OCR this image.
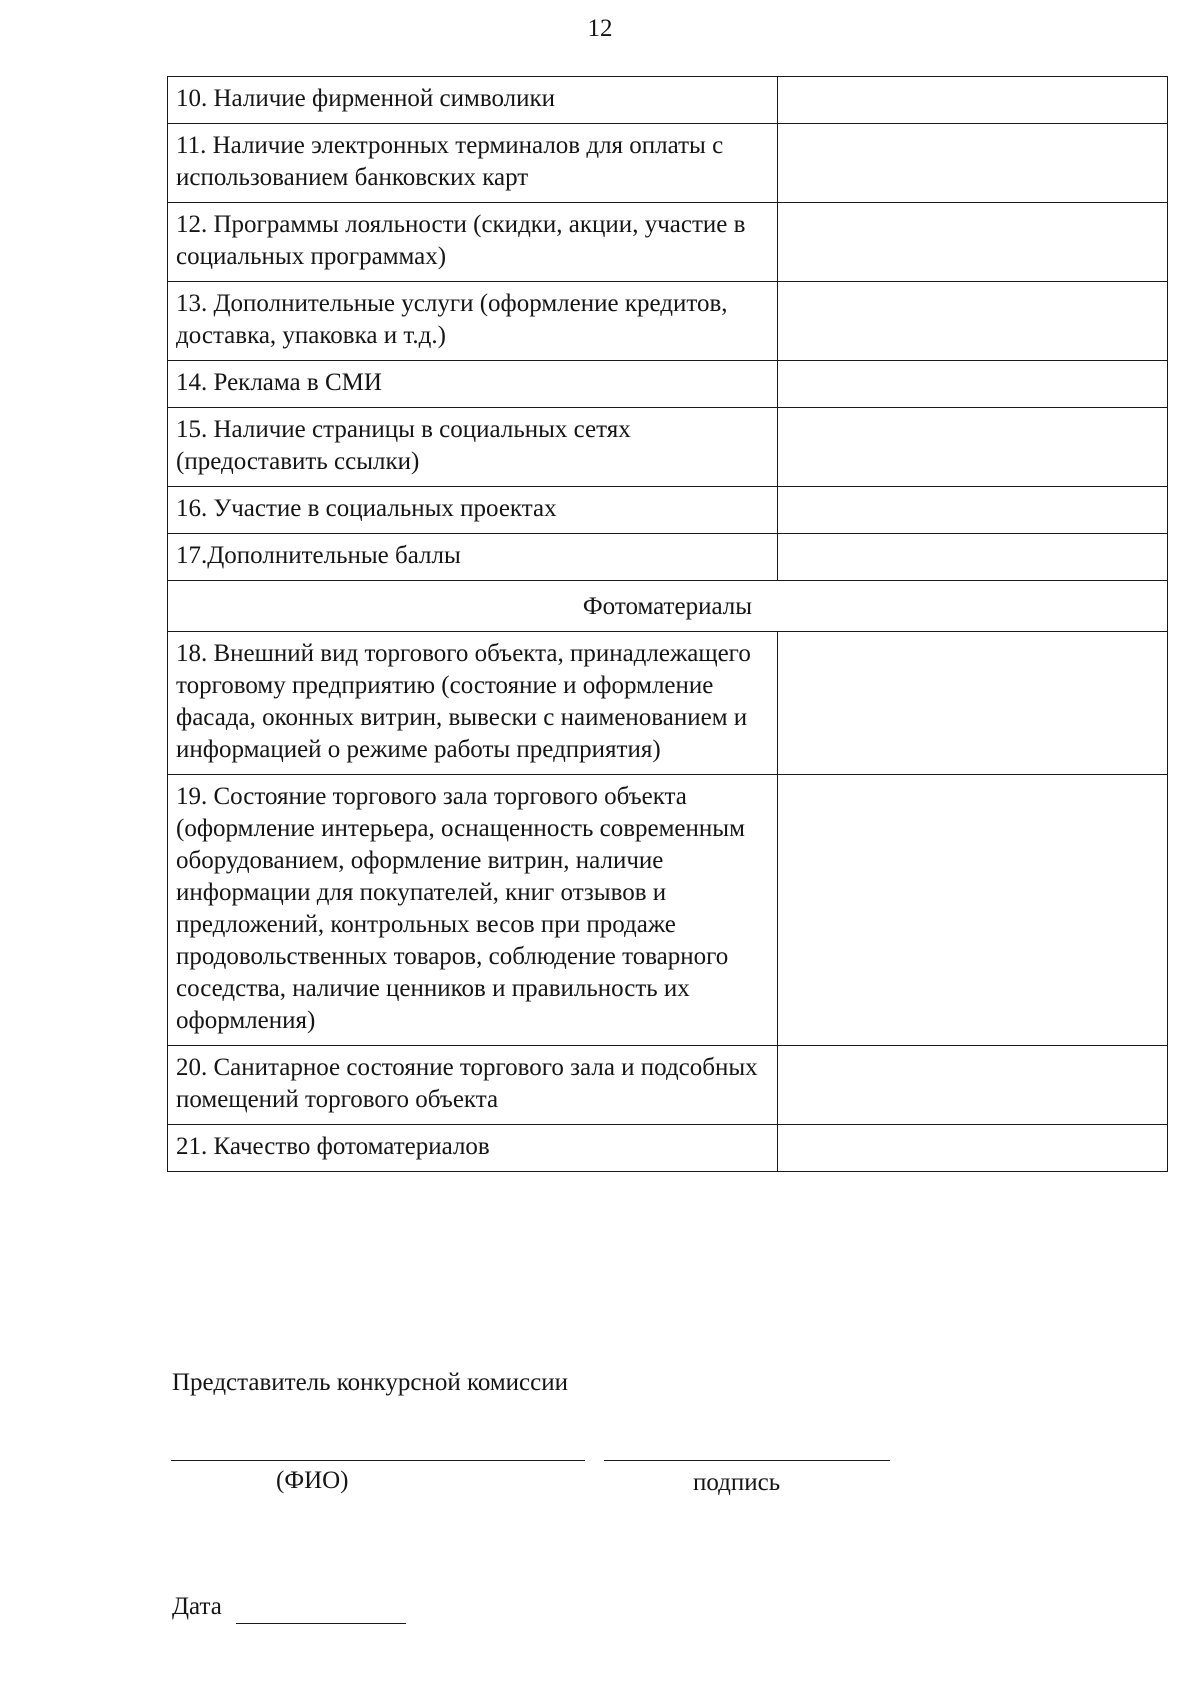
12
10. Наличие фирменной символики	
11. Наличие электронных терминалов для оплаты с использованием банковских карт	
12. Программы лояльности (скидки, акции, участие в социальных программах)	
13. Дополнительные услуги (оформление кредитов, доставка, упаковка и т.д.)	
14. Реклама в СМИ	
15. Наличие страницы в социальных сетях (предоставить ссылки)	
16. Участие в социальных проектах	
17.Дополнительные баллы	
Фотоматериалы	
18. Внешний вид торгового объекта, принадлежащего торговому предприятию (состояние и оформление фасада, оконных витрин, вывески с наименованием и информацией о режиме работы предприятия)	
19. Состояние торгового зала торгового объекта (оформление интерьера, оснащенность современным оборудованием, оформление витрин, наличие информации для покупателей, книг отзывов и предложений, контрольных весов при продаже продовольственных товаров, соблюдение товарного соседства, наличие ценников и правильность их оформления)	
20. Санитарное состояние торгового зала и подсобных помещений торгового объекта	
21. Качество фотоматериалов	
Представитель конкурсной комиссии
(ФИО)	подпись
Дата
